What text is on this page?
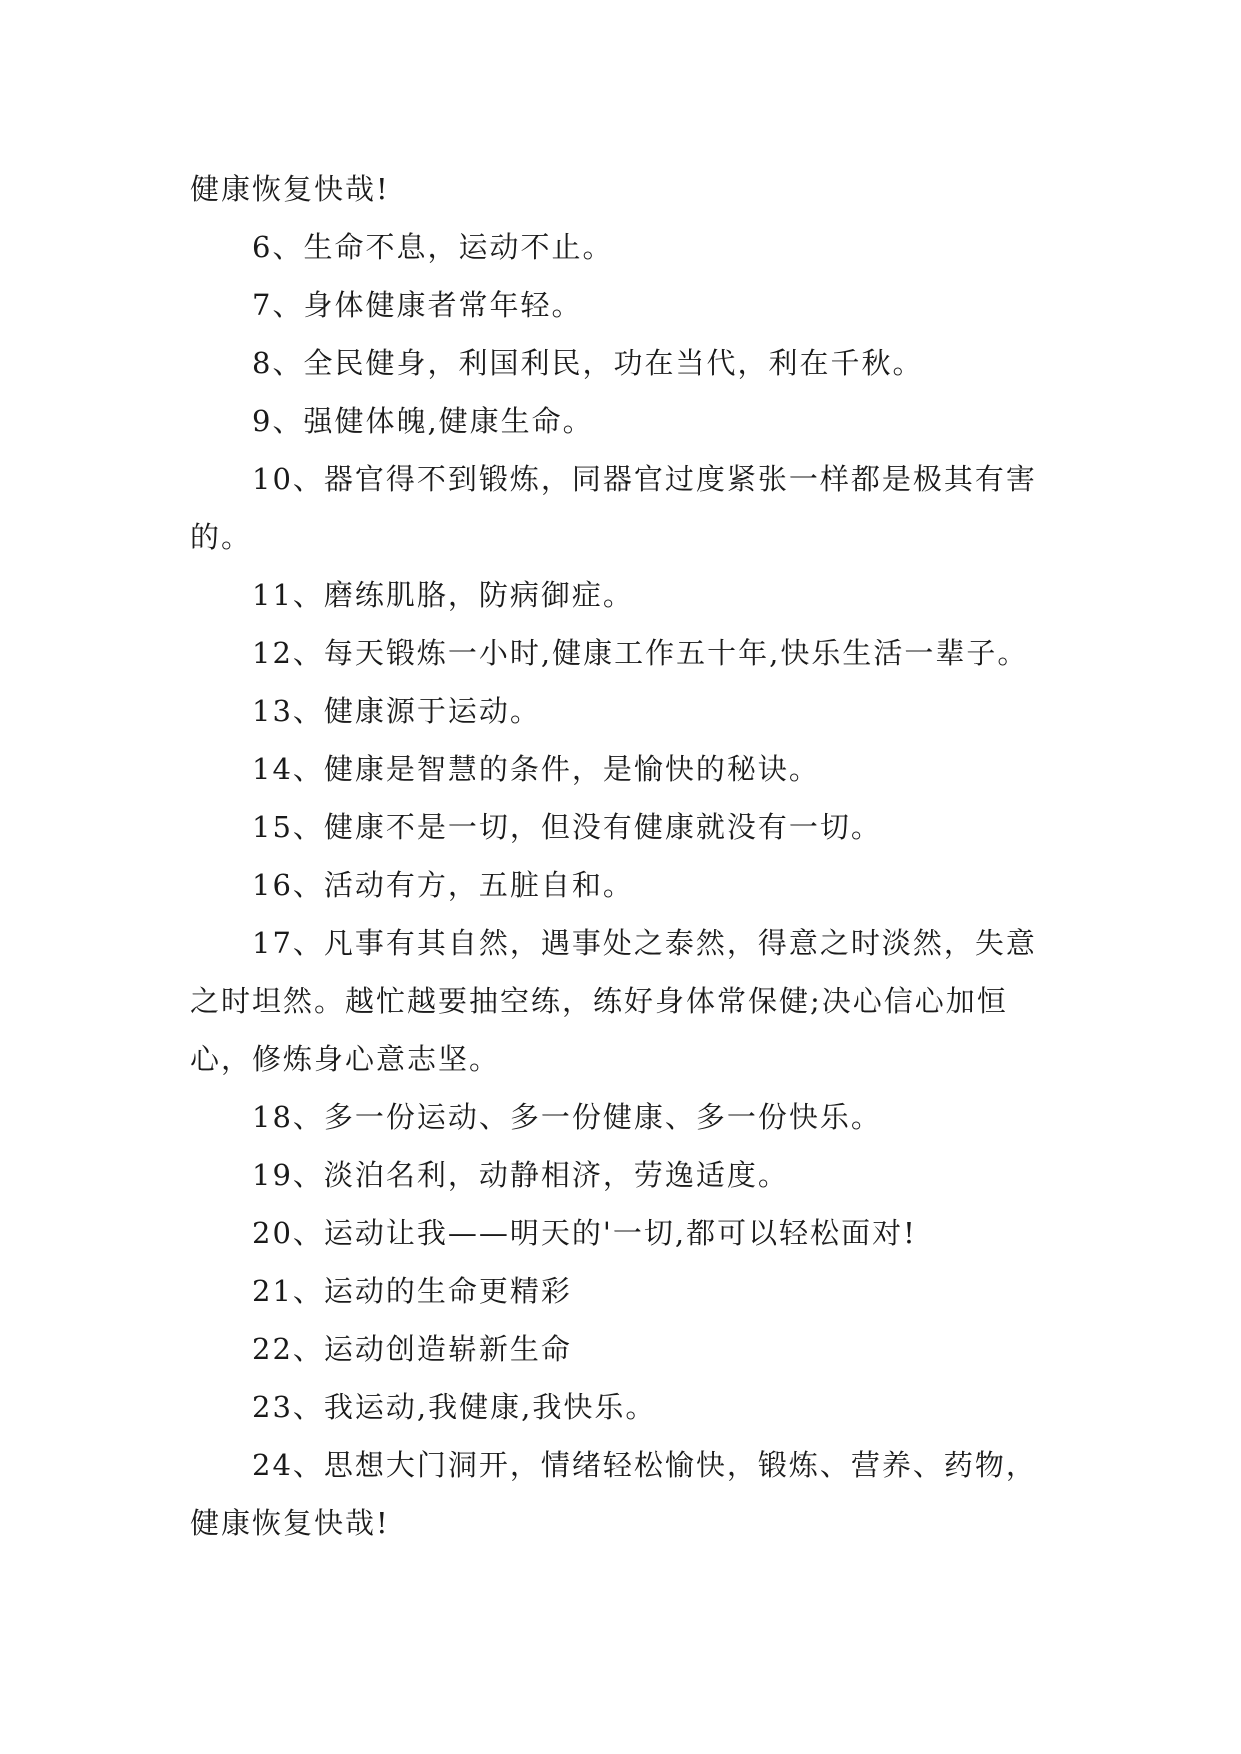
健康恢复快哉!

6、生命不息，运动不止。

7、身体健康者常年轻。

8、全民健身，利国利民，功在当代，利在千秋。

9、强健体魄,健康生命。

10、器官得不到锻炼，同器官过度紧张一样都是极其有害的。

11、磨练肌胳，防病御症。

12、每天锻炼一小时,健康工作五十年,快乐生活一辈子。

13、健康源于运动。

14、健康是智慧的条件，是愉快的秘诀。

15、健康不是一切，但没有健康就没有一切。

16、活动有方，五脏自和。

17、凡事有其自然，遇事处之泰然，得意之时淡然，失意之时坦然。越忙越要抽空练，练好身体常保健;决心信心加恒心，修炼身心意志坚。

18、多一份运动、多一份健康、多一份快乐。

19、淡泊名利，动静相济，劳逸适度。

20、运动让我——明天的'一切,都可以轻松面对!

21、运动的生命更精彩

22、运动创造崭新生命

23、我运动,我健康,我快乐。

24、思想大门洞开，情绪轻松愉快，锻炼、营养、药物，健康恢复快哉!
